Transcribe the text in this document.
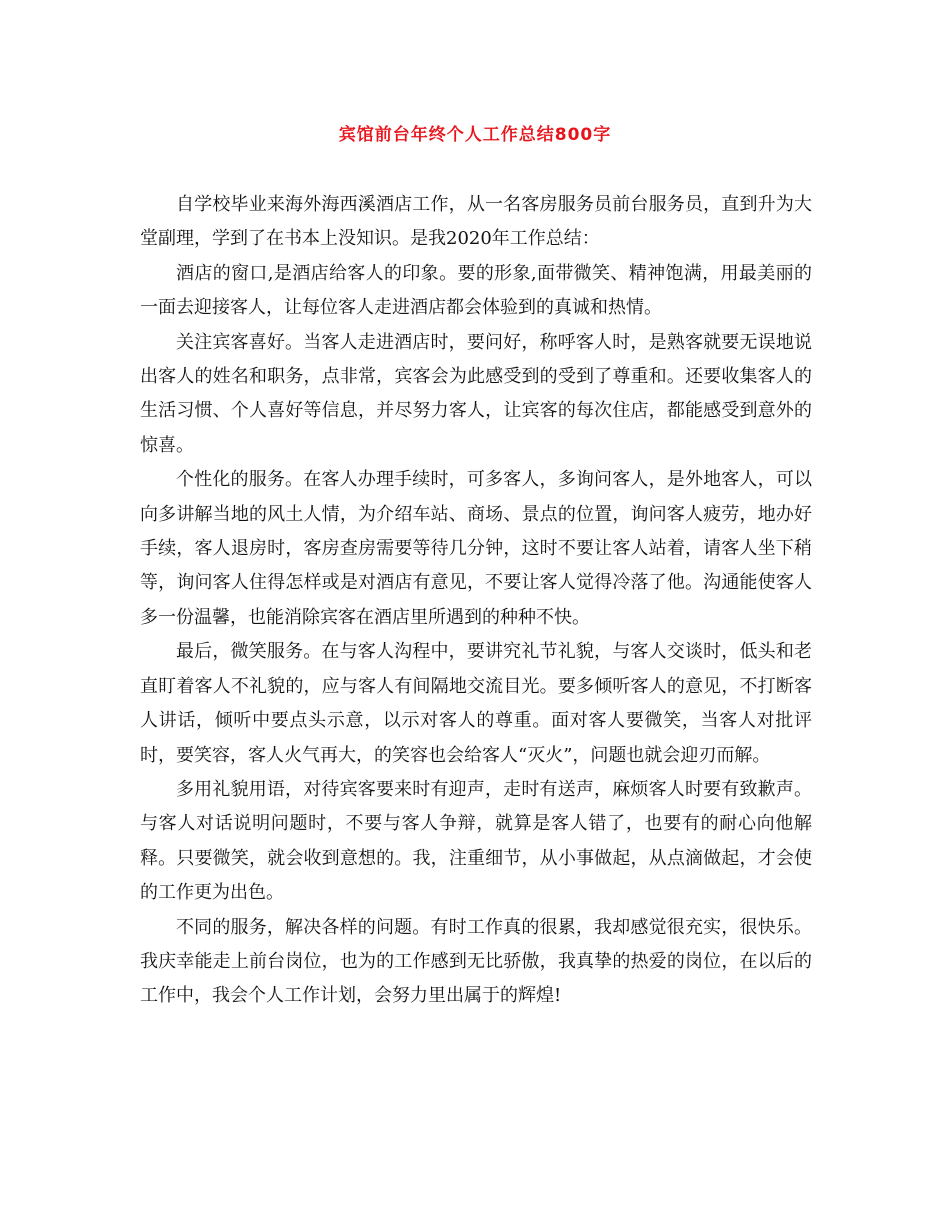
宾馆前台年终个人工作总结800字

自学校毕业来海外海西溪酒店工作，从一名客房服务员前台服务员，直到升为大堂副理，学到了在书本上没知识。是我2020年工作总结：

酒店的窗口,是酒店给客人的印象。要的形象,面带微笑、精神饱满，用最美丽的一面去迎接客人，让每位客人走进酒店都会体验到的真诚和热情。

关注宾客喜好。当客人走进酒店时，要问好，称呼客人时，是熟客就要无误地说出客人的姓名和职务，点非常，宾客会为此感受到的受到了尊重和。还要收集客人的生活习惯、个人喜好等信息，并尽努力客人，让宾客的每次住店，都能感受到意外的惊喜。

个性化的服务。在客人办理手续时，可多客人，多询问客人，是外地客人，可以向多讲解当地的风土人情，为介绍车站、商场、景点的位置，询问客人疲劳，地办好手续，客人退房时，客房查房需要等待几分钟，这时不要让客人站着，请客人坐下稍等，询问客人住得怎样或是对酒店有意见，不要让客人觉得冷落了他。沟通能使客人多一份温馨，也能消除宾客在酒店里所遇到的种种不快。

最后，微笑服务。在与客人沟程中，要讲究礼节礼貌，与客人交谈时，低头和老直盯着客人不礼貌的，应与客人有间隔地交流目光。要多倾听客人的意见，不打断客人讲话，倾听中要点头示意，以示对客人的尊重。面对客人要微笑，当客人对批评时，要笑容，客人火气再大，的笑容也会给客人“灭火”，问题也就会迎刃而解。

多用礼貌用语，对待宾客要来时有迎声，走时有送声，麻烦客人时要有致歉声。与客人对话说明问题时，不要与客人争辩，就算是客人错了，也要有的耐心向他解释。只要微笑，就会收到意想的。我，注重细节，从小事做起，从点滴做起，才会使的工作更为出色。

不同的服务，解决各样的问题。有时工作真的很累，我却感觉很充实，很快乐。我庆幸能走上前台岗位，也为的工作感到无比骄傲，我真挚的热爱的岗位，在以后的工作中，我会个人工作计划，会努力里出属于的辉煌!
